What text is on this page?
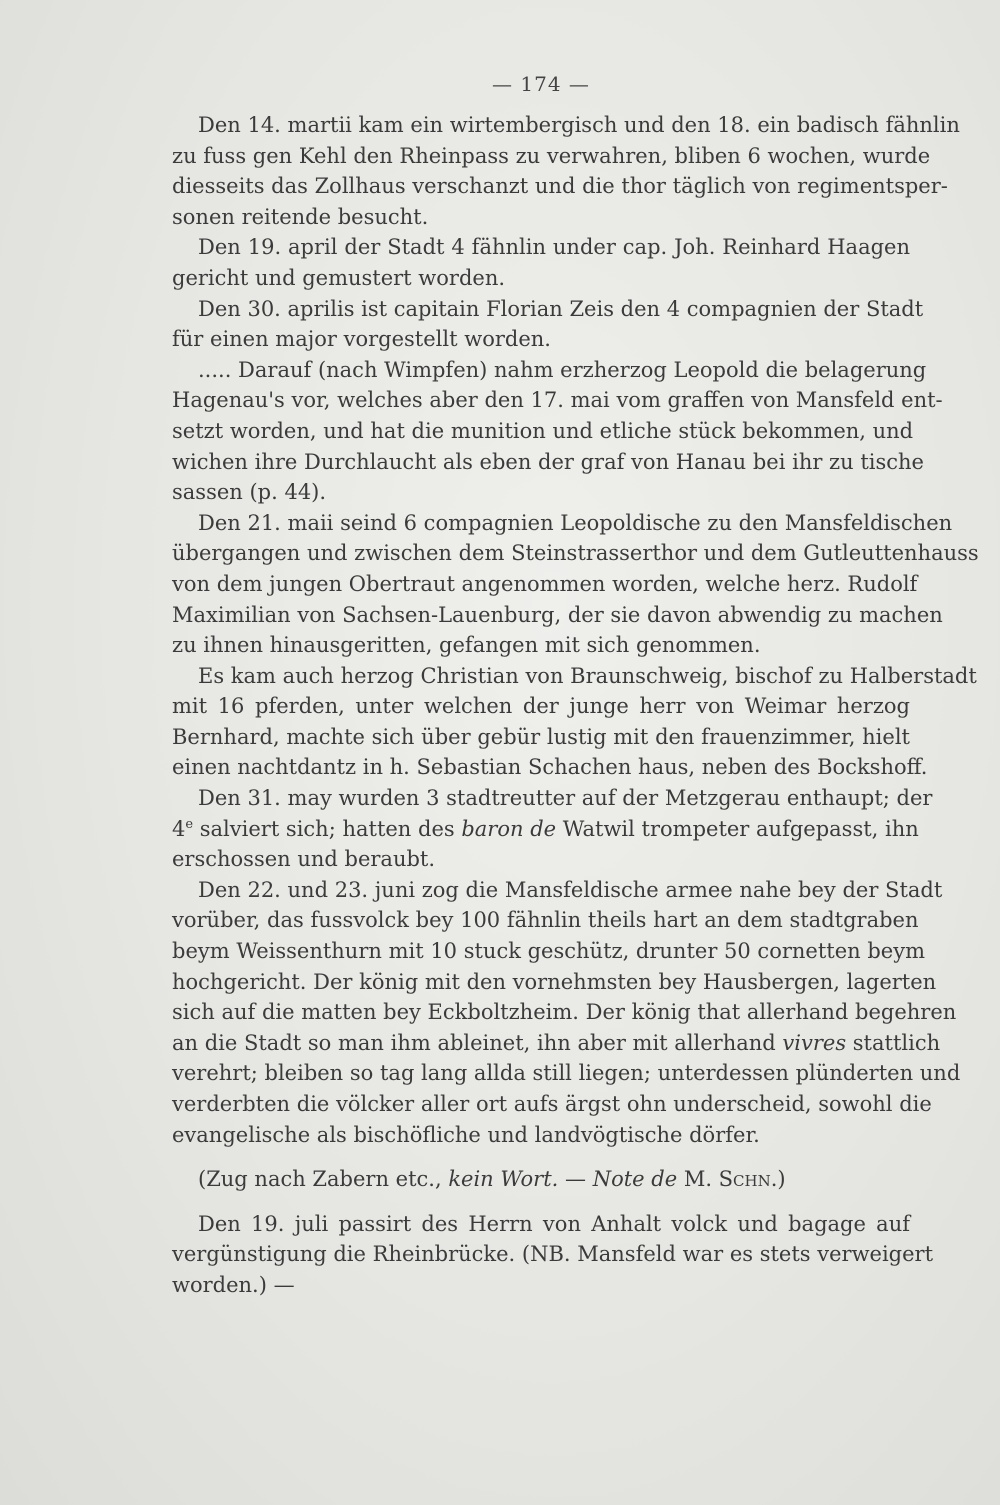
— 174 —
Den 14. martii kam ein wirtembergisch und den 18. ein badisch fähnlin
zu fuss gen Kehl den Rheinpass zu verwahren, bliben 6 wochen, wurde
diesseits das Zollhaus verschanzt und die thor täglich von regimentsper-
sonen reitende besucht.
Den 19. april der Stadt 4 fähnlin under cap. Joh. Reinhard Haagen
gericht und gemustert worden.
Den 30. aprilis ist capitain Florian Zeis den 4 compagnien der Stadt
für einen major vorgestellt worden.
..... Darauf (nach Wimpfen) nahm erzherzog Leopold die belagerung
Hagenau's vor, welches aber den 17. mai vom graffen von Mansfeld ent-
setzt worden, und hat die munition und etliche stück bekommen, und
wichen ihre Durchlaucht als eben der graf von Hanau bei ihr zu tische
sassen (p. 44).
Den 21. maii seind 6 compagnien Leopoldische zu den Mansfeldischen
übergangen und zwischen dem Steinstrasserthor und dem Gutleuttenhauss
von dem jungen Obertraut angenommen worden, welche herz. Rudolf
Maximilian von Sachsen-Lauenburg, der sie davon abwendig zu machen
zu ihnen hinausgeritten, gefangen mit sich genommen.
Es kam auch herzog Christian von Braunschweig, bischof zu Halberstadt
mit 16 pferden, unter welchen der junge herr von Weimar herzog
Bernhard, machte sich über gebür lustig mit den frauenzimmer, hielt
einen nachtdantz in h. Sebastian Schachen haus, neben des Bockshoff.
Den 31. may wurden 3 stadtreutter auf der Metzgerau enthaupt; der
4e salviert sich; hatten des baron de Watwil trompeter aufgepasst, ihn
erschossen und beraubt.
Den 22. und 23. juni zog die Mansfeldische armee nahe bey der Stadt
vorüber, das fussvolck bey 100 fähnlin theils hart an dem stadtgraben
beym Weissenthurn mit 10 stuck geschütz, drunter 50 cornetten beym
hochgericht. Der könig mit den vornehmsten bey Hausbergen, lagerten
sich auf die matten bey Eckboltzheim. Der könig that allerhand begehren
an die Stadt so man ihm ableinet, ihn aber mit allerhand vivres stattlich
verehrt; bleiben so tag lang allda still liegen; unterdessen plünderten und
verderbten die völcker aller ort aufs ärgst ohn underscheid, sowohl die
evangelische als bischöfliche und landvögtische dörfer.
(Zug nach Zabern etc., kein Wort. — Note de M. Schn.)
Den 19. juli passirt des Herrn von Anhalt volck und bagage auf
vergünstigung die Rheinbrücke. (NB. Mansfeld war es stets verweigert
worden.) —
